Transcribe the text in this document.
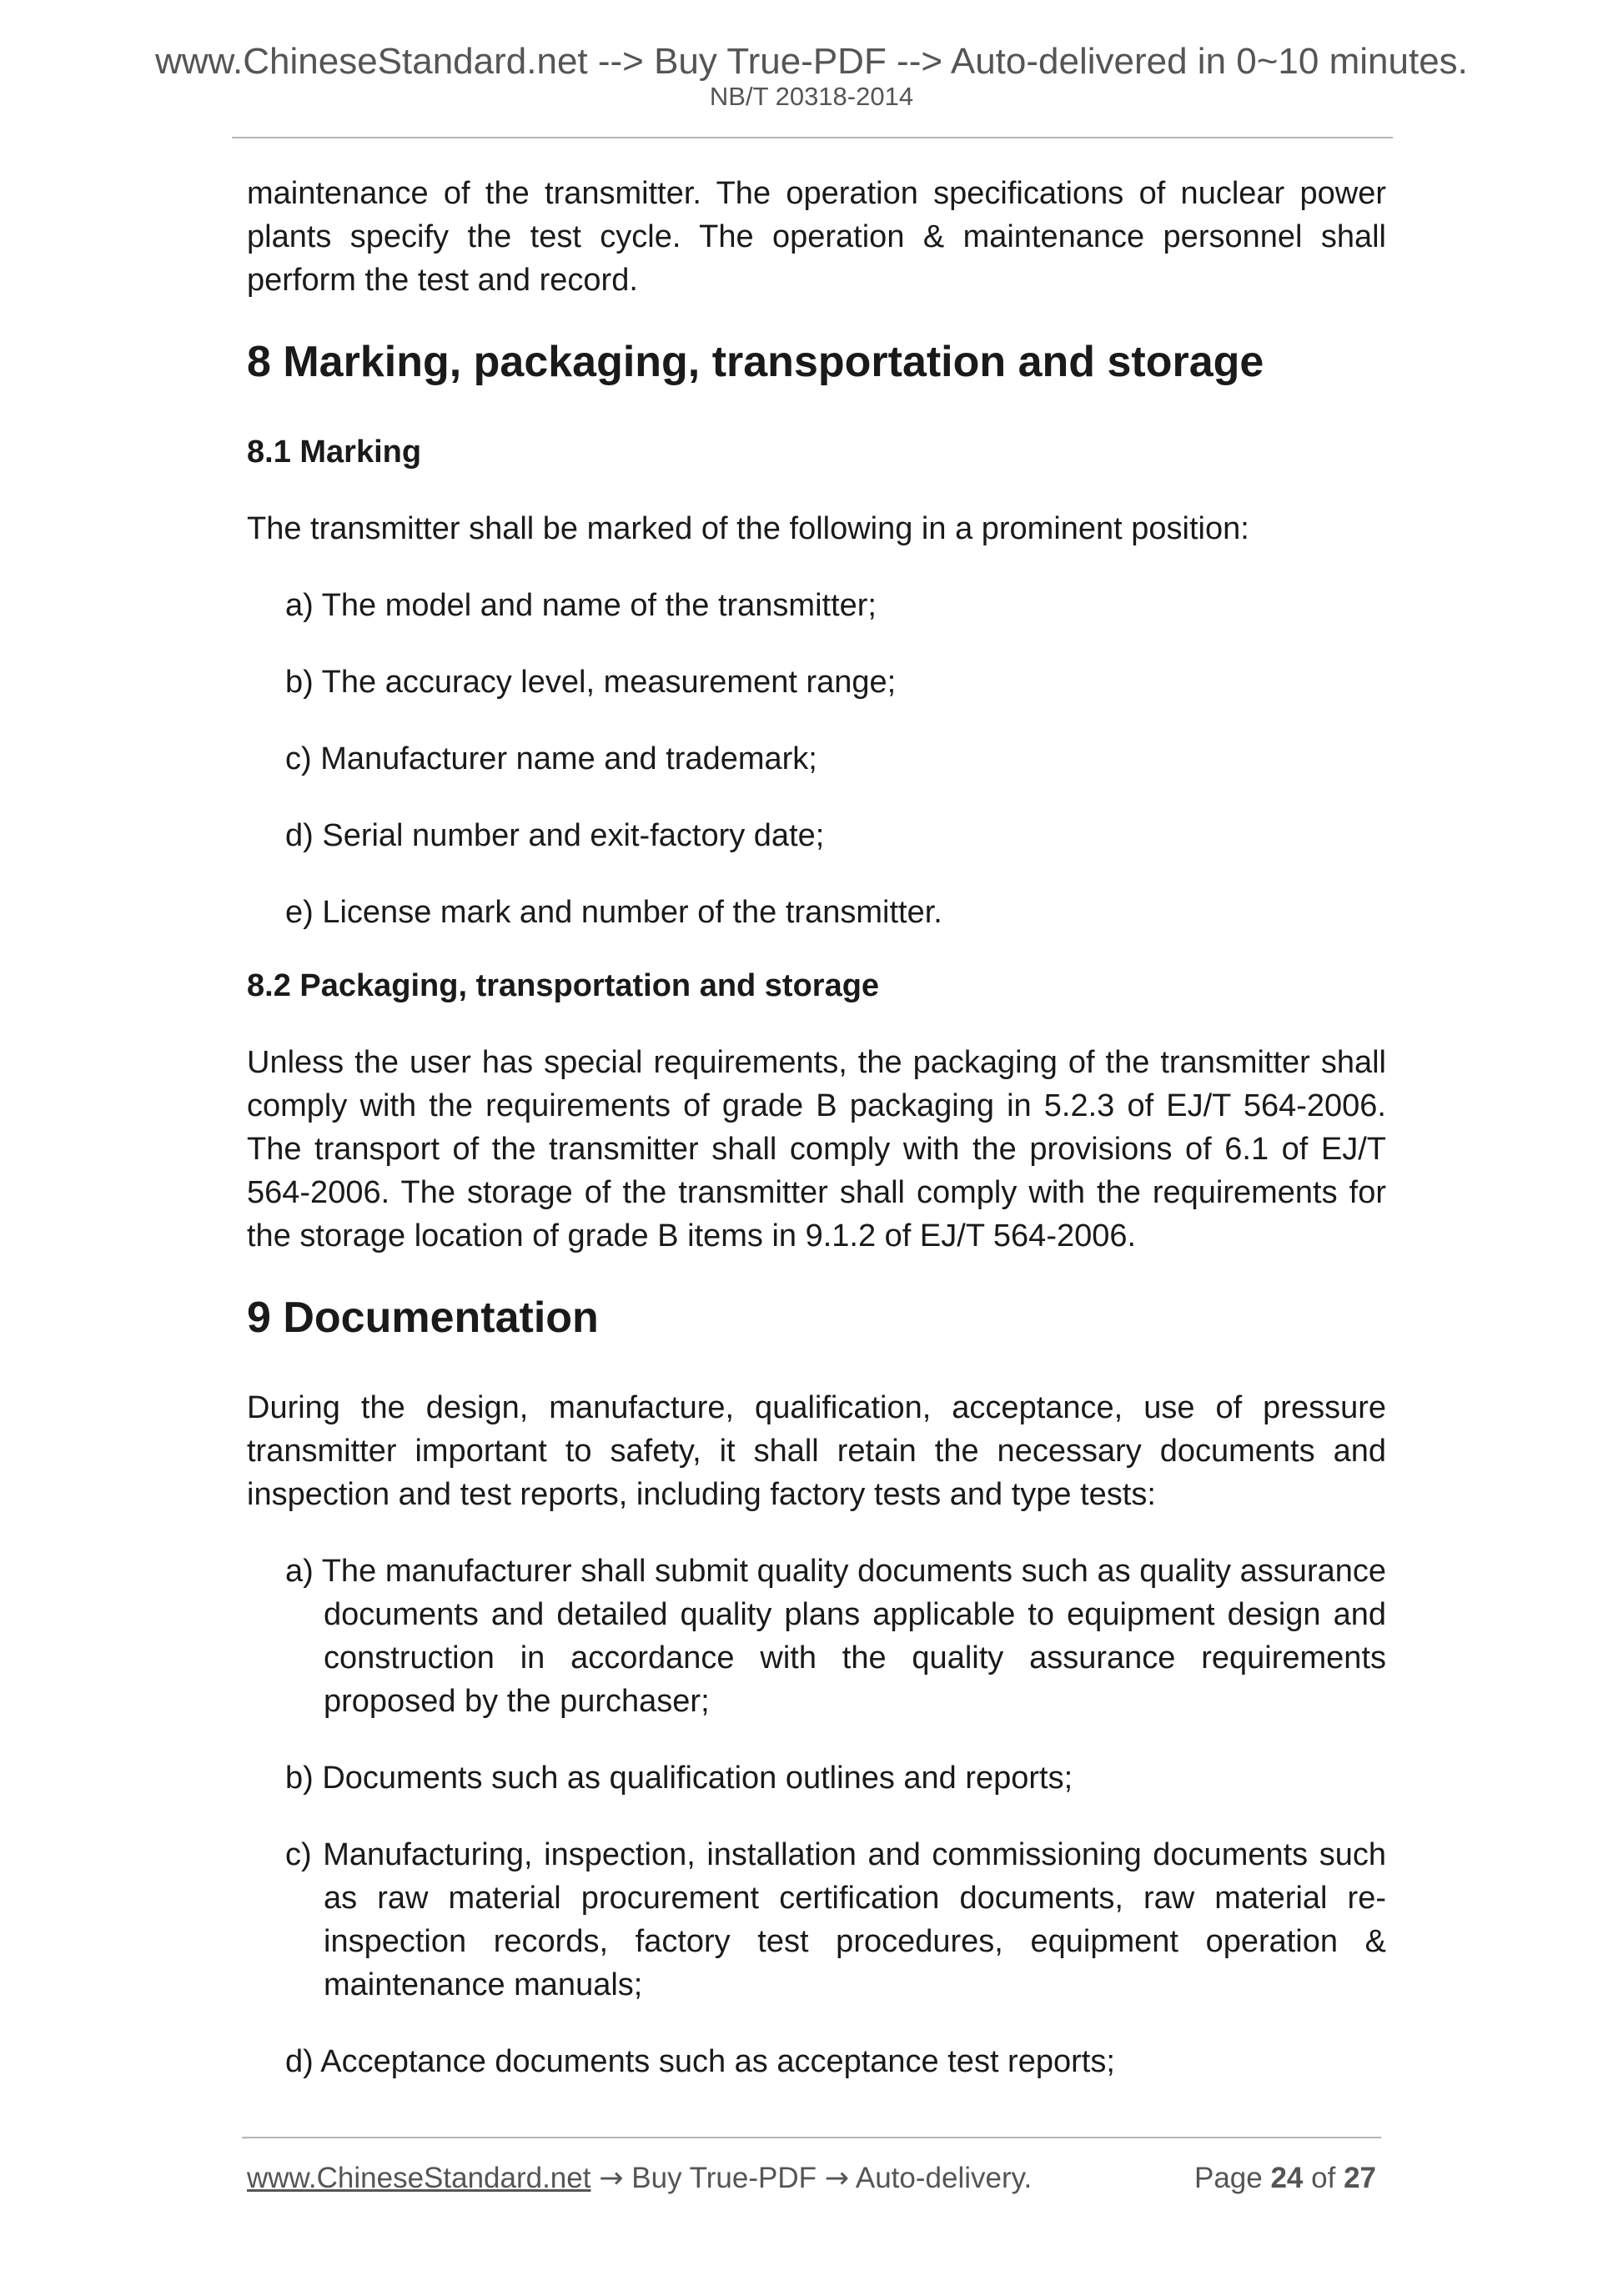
www.ChineseStandard.net --> Buy True-PDF --> Auto-delivered in 0~10 minutes.
NB/T 20318-2014

maintenance of the transmitter. The operation specifications of nuclear power plants specify the test cycle. The operation & maintenance personnel shall perform the test and record.

8 Marking, packaging, transportation and storage
8.1 Marking

The transmitter shall be marked of the following in a prominent position:

a) The model and name of the transmitter;
b) The accuracy level, measurement range;
c) Manufacturer name and trademark;
d) Serial number and exit-factory date;
e) License mark and number of the transmitter.
8.2 Packaging, transportation and storage

Unless the user has special requirements, the packaging of the transmitter shall comply with the requirements of grade B packaging in 5.2.3 of EJ/T 564-2006. The transport of the transmitter shall comply with the provisions of 6.1 of EJ/T 564-2006. The storage of the transmitter shall comply with the requirements for the storage location of grade B items in 9.1.2 of EJ/T 564-2006.

9 Documentation

During the design, manufacture, qualification, acceptance, use of pressure transmitter important to safety, it shall retain the necessary documents and inspection and test reports, including factory tests and type tests:

a) The manufacturer shall submit quality documents such as quality assurance documents and detailed quality plans applicable to equipment design and construction in accordance with the quality assurance requirements proposed by the purchaser;
b) Documents such as qualification outlines and reports;
c) Manufacturing, inspection, installation and commissioning documents such as raw material procurement certification documents, raw material re-inspection records, factory test procedures, equipment operation & maintenance manuals;
d) Acceptance documents such as acceptance test reports;
www.ChineseStandard.net → Buy True-PDF → Auto-delivery.	Page 24 of 27
